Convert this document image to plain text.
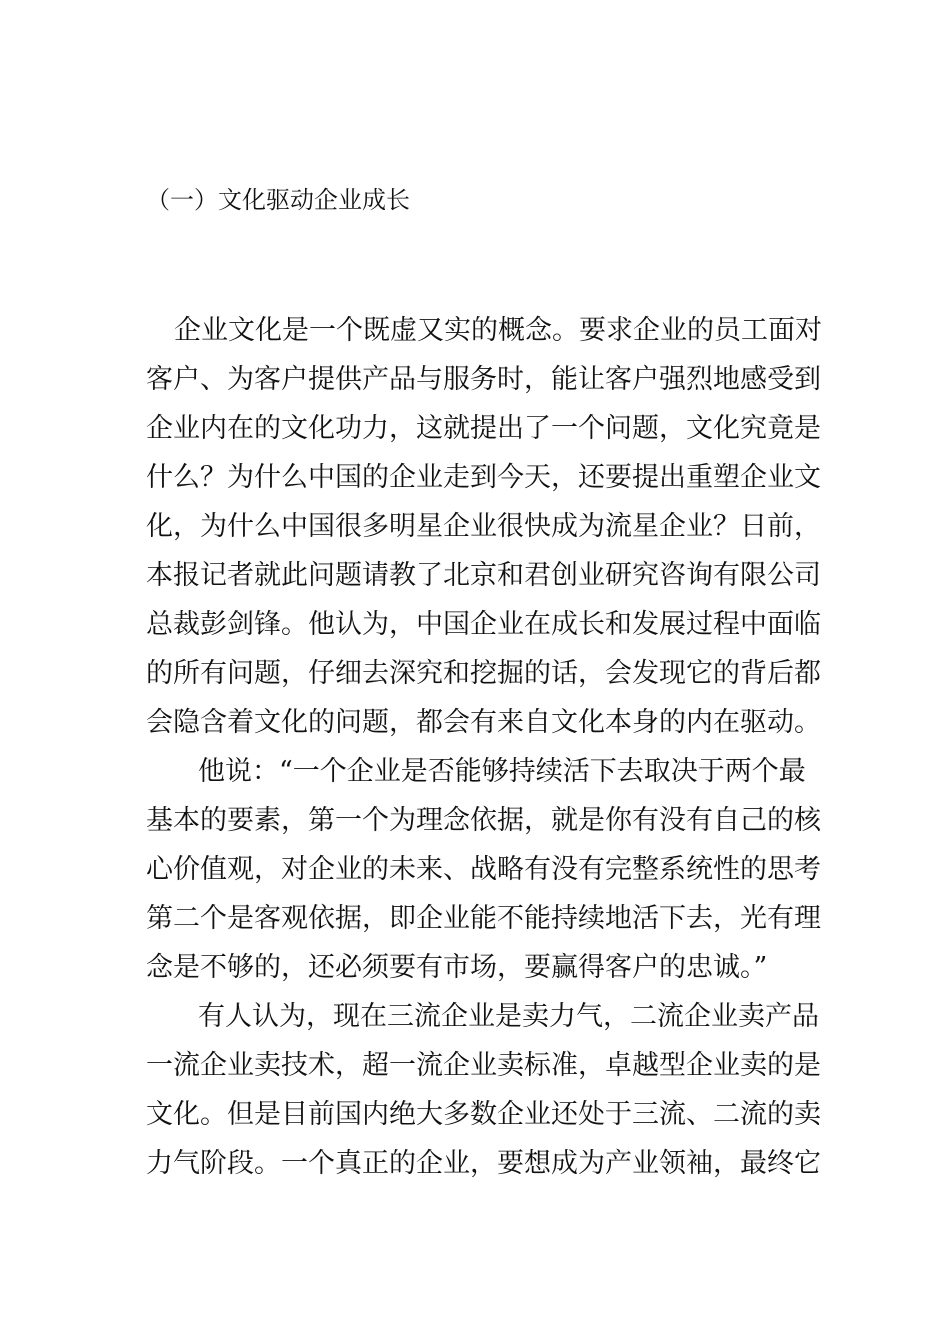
（一）文化驱动企业成长
企业文化是一个既虚又实的概念。要求企业的员工面对
客户、为客户提供产品与服务时，能让客户强烈地感受到
企业内在的文化功力，这就提出了一个问题，文化究竟是
什么？为什么中国的企业走到今天，还要提出重塑企业文
化，为什么中国很多明星企业很快成为流星企业？日前，
本报记者就此问题请教了北京和君创业研究咨询有限公司
总裁彭剑锋。他认为，中国企业在成长和发展过程中面临
的所有问题，仔细去深究和挖掘的话，会发现它的背后都
会隐含着文化的问题，都会有来自文化本身的内在驱动。
他说：“一个企业是否能够持续活下去取决于两个最
基本的要素，第一个为理念依据，就是你有没有自己的核
心价值观，对企业的未来、战略有没有完整系统性的思考
第二个是客观依据，即企业能不能持续地活下去，光有理
念是不够的，还必须要有市场，要赢得客户的忠诚。”
有人认为，现在三流企业是卖力气，二流企业卖产品
一流企业卖技术，超一流企业卖标准，卓越型企业卖的是
文化。但是目前国内绝大多数企业还处于三流、二流的卖
力气阶段。一个真正的企业，要想成为产业领袖，最终它
